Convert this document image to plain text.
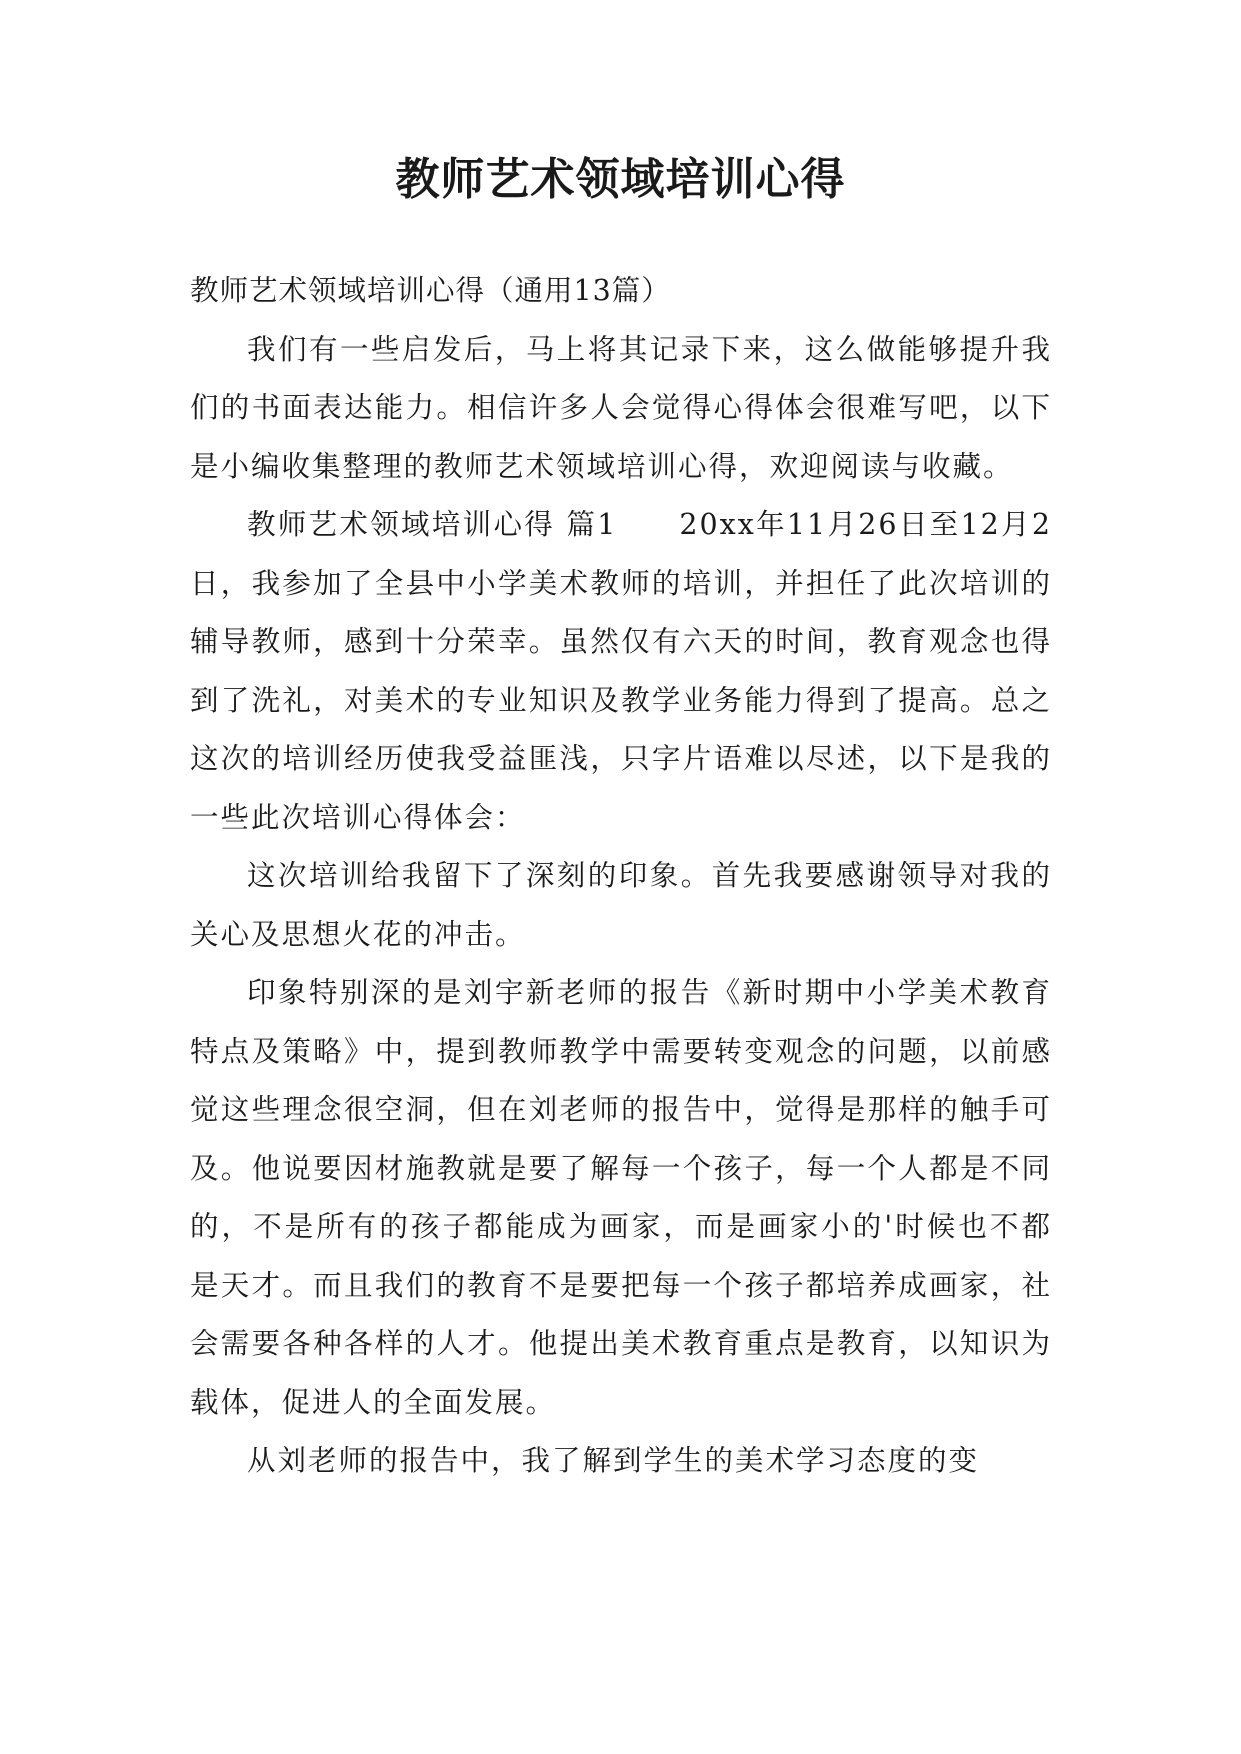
教师艺术领域培训心得

教师艺术领域培训心得（通用13篇）

我们有一些启发后，马上将其记录下来，这么做能够提升我们的书面表达能力。相信许多人会觉得心得体会很难写吧，以下是小编收集整理的教师艺术领域培训心得，欢迎阅读与收藏。

教师艺术领域培训心得 篇1 20xx年11月26日至12月2日，我参加了全县中小学美术教师的培训，并担任了此次培训的辅导教师，感到十分荣幸。虽然仅有六天的时间，教育观念也得到了洗礼，对美术的专业知识及教学业务能力得到了提高。总之这次的培训经历使我受益匪浅，只字片语难以尽述，以下是我的一些此次培训心得体会：

这次培训给我留下了深刻的印象。首先我要感谢领导对我的关心及思想火花的冲击。

印象特别深的是刘宇新老师的报告《新时期中小学美术教育特点及策略》中，提到教师教学中需要转变观念的问题，以前感觉这些理念很空洞，但在刘老师的报告中，觉得是那样的触手可及。他说要因材施教就是要了解每一个孩子，每一个人都是不同的，不是所有的孩子都能成为画家，而是画家小的'时候也不都是天才。而且我们的教育不是要把每一个孩子都培养成画家，社会需要各种各样的人才。他提出美术教育重点是教育，以知识为载体，促进人的全面发展。

从刘老师的报告中，我了解到学生的美术学习态度的变
